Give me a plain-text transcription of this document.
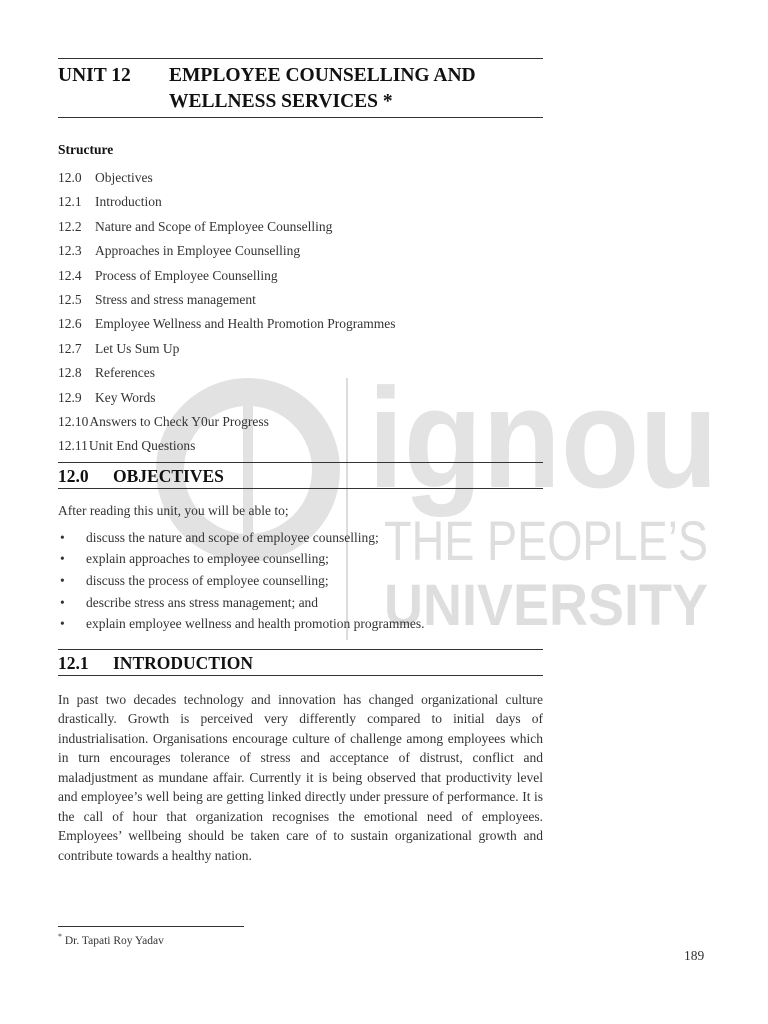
ignou
THE PEOPLE’S
UNIVERSITY
UNIT 12	EMPLOYEE COUNSELLING AND
WELLNESS SERVICES *
Structure
12.0 Objectives
12.1 Introduction
12.2 Nature and Scope of Employee Counselling
12.3 Approaches in Employee Counselling
12.4 Process of Employee Counselling
12.5 Stress and stress management
12.6 Employee Wellness and Health Promotion Programmes
12.7 Let Us Sum Up
12.8 References
12.9 Key Words
12.10 Answers to Check Y0ur Progress
12.11 Unit End Questions
12.0	OBJECTIVES
After reading this unit, you will be able to;
• discuss the nature and scope of employee counselling;
• explain approaches to employee counselling;
• discuss the process of employee counselling;
• describe stress ans stress management; and
• explain employee wellness and health promotion programmes.
12.1	INTRODUCTION

In past two decades technology and innovation has changed organizational culture drastically. Growth is perceived very differently compared to initial days of industrialisation. Organisations encourage culture of challenge among employees which in turn encourages tolerance of stress and acceptance of distrust, conflict and maladjustment as mundane affair. Currently it is being observed that productivity level and employee’s well being are getting linked directly under pressure of performance. It is the call of hour that organization recognises the emotional need of employees. Employees’ wellbeing should be taken care of to sustain organizational growth and contribute towards a healthy nation.

* Dr. Tapati Roy Yadav
189
